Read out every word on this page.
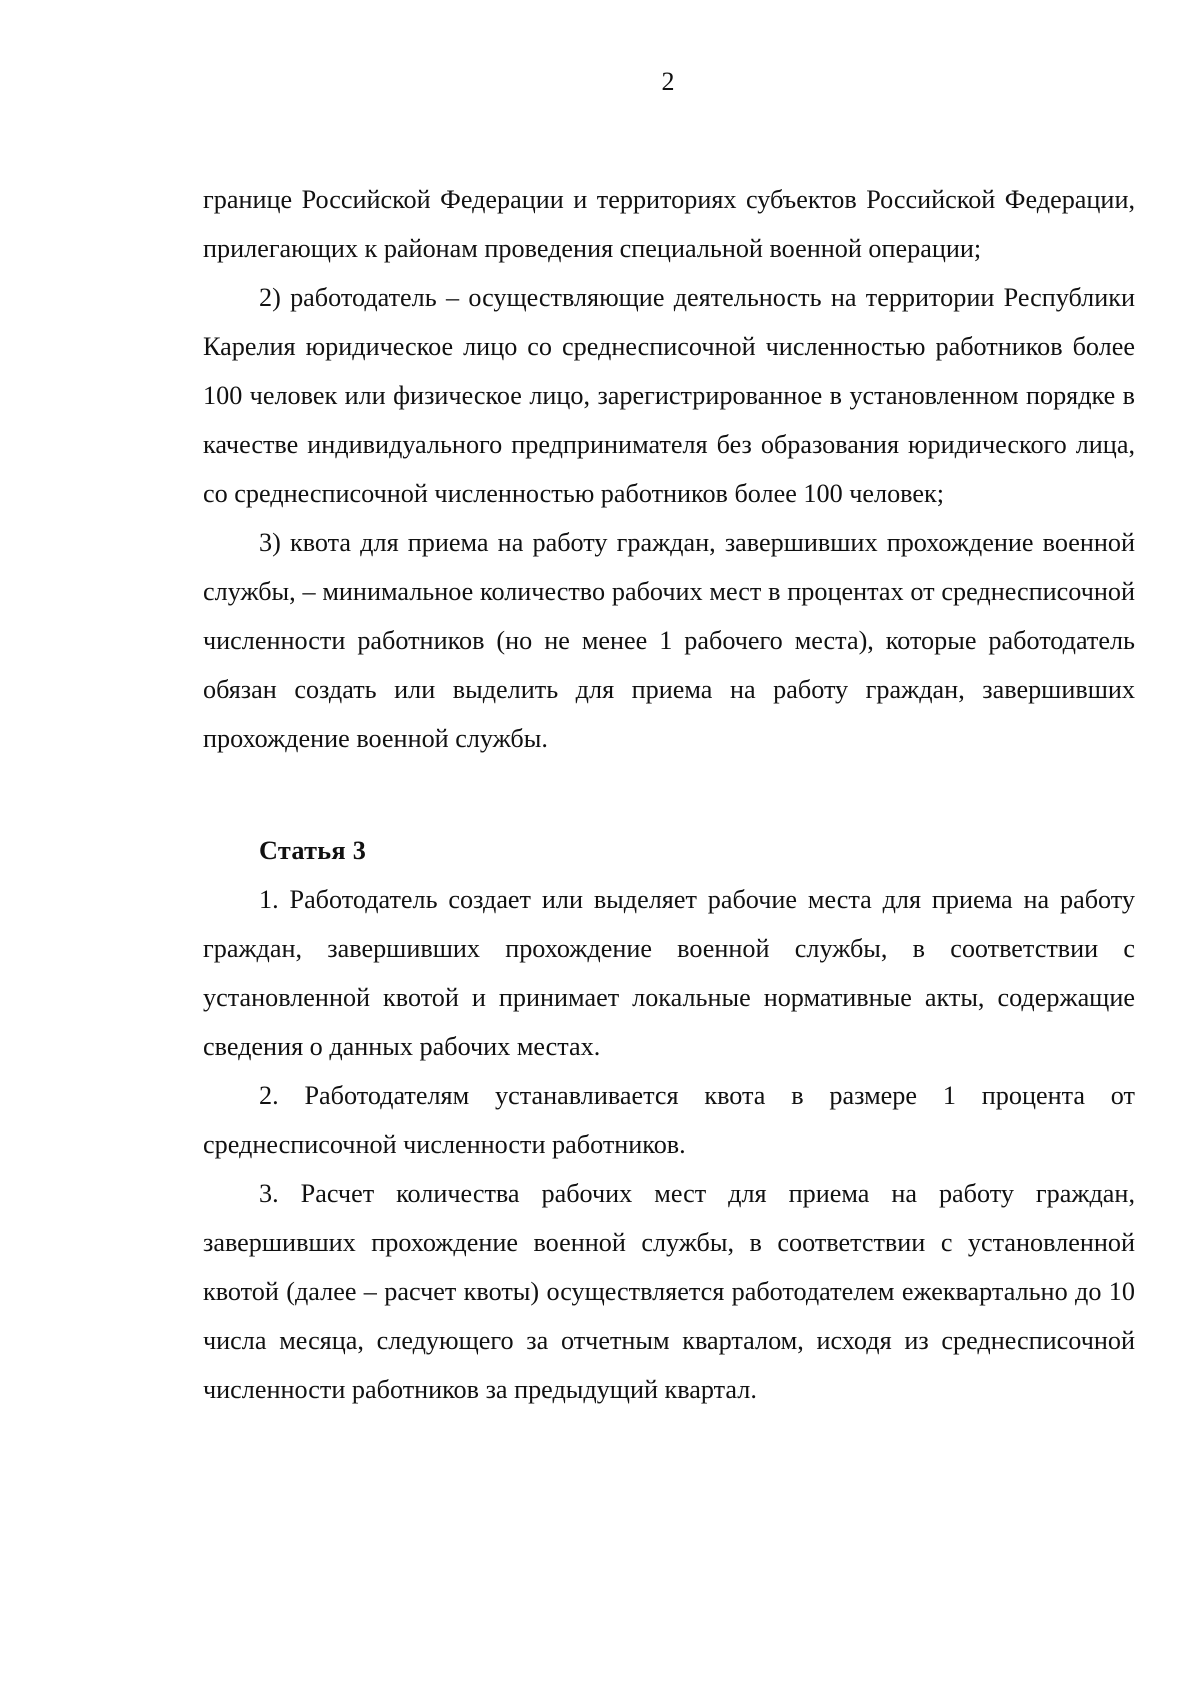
2

границе Российской Федерации и территориях субъектов Российской Федерации, прилегающих к районам проведения специальной военной операции;

2) работодатель – осуществляющие деятельность на территории Республики Карелия юридическое лицо со среднесписочной численностью работников более 100 человек или физическое лицо, зарегистрированное в установленном порядке в качестве индивидуального предпринимателя без образования юридического лица, со среднесписочной численностью работников более 100 человек;

3) квота для приема на работу граждан, завершивших прохождение военной службы, – минимальное количество рабочих мест в процентах от среднесписочной численности работников (но не менее 1 рабочего места), которые работодатель обязан создать или выделить для приема на работу граждан, завершивших прохождение военной службы.

Статья 3

1. Работодатель создает или выделяет рабочие места для приема на работу граждан, завершивших прохождение военной службы, в соответствии с установленной квотой и принимает локальные нормативные акты, содержащие сведения о данных рабочих местах.

2. Работодателям устанавливается квота в размере 1 процента от среднесписочной численности работников.

3. Расчет количества рабочих мест для приема на работу граждан, завершивших прохождение военной службы, в соответствии с установленной квотой (далее – расчет квоты) осуществляется работодателем ежеквартально до 10 числа месяца, следующего за отчетным кварталом, исходя из среднесписочной численности работников за предыдущий квартал.
